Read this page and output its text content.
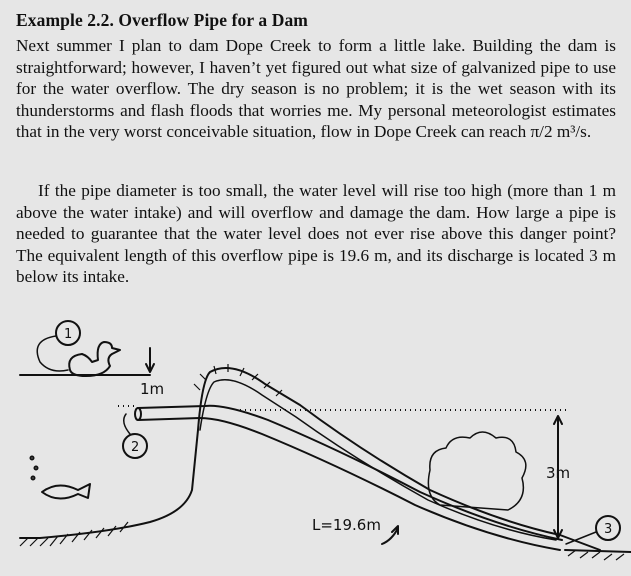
Example 2.2. Overflow Pipe for a Dam
Next summer I plan to dam Dope Creek to form a little lake. Building the dam is straightforward; however, I haven’t yet figured out what size of galvanized pipe to use for the water overflow. The dry season is no problem; it is the wet season with its thunderstorms and flash floods that worries me. My personal meteorologist estimates that in the very worst conceivable situation, flow in Dope Creek can reach π/2 m³/s.
If the pipe diameter is too small, the water level will rise too high (more than 1 m above the water intake) and will overflow and damage the dam. How large a pipe is needed to guarantee that the water level does not ever rise above this danger point? The equivalent length of this overflow pipe is 19.6 m, and its discharge is located 3 m below its intake.
1m
3m
L=19.6m
1
2
3
